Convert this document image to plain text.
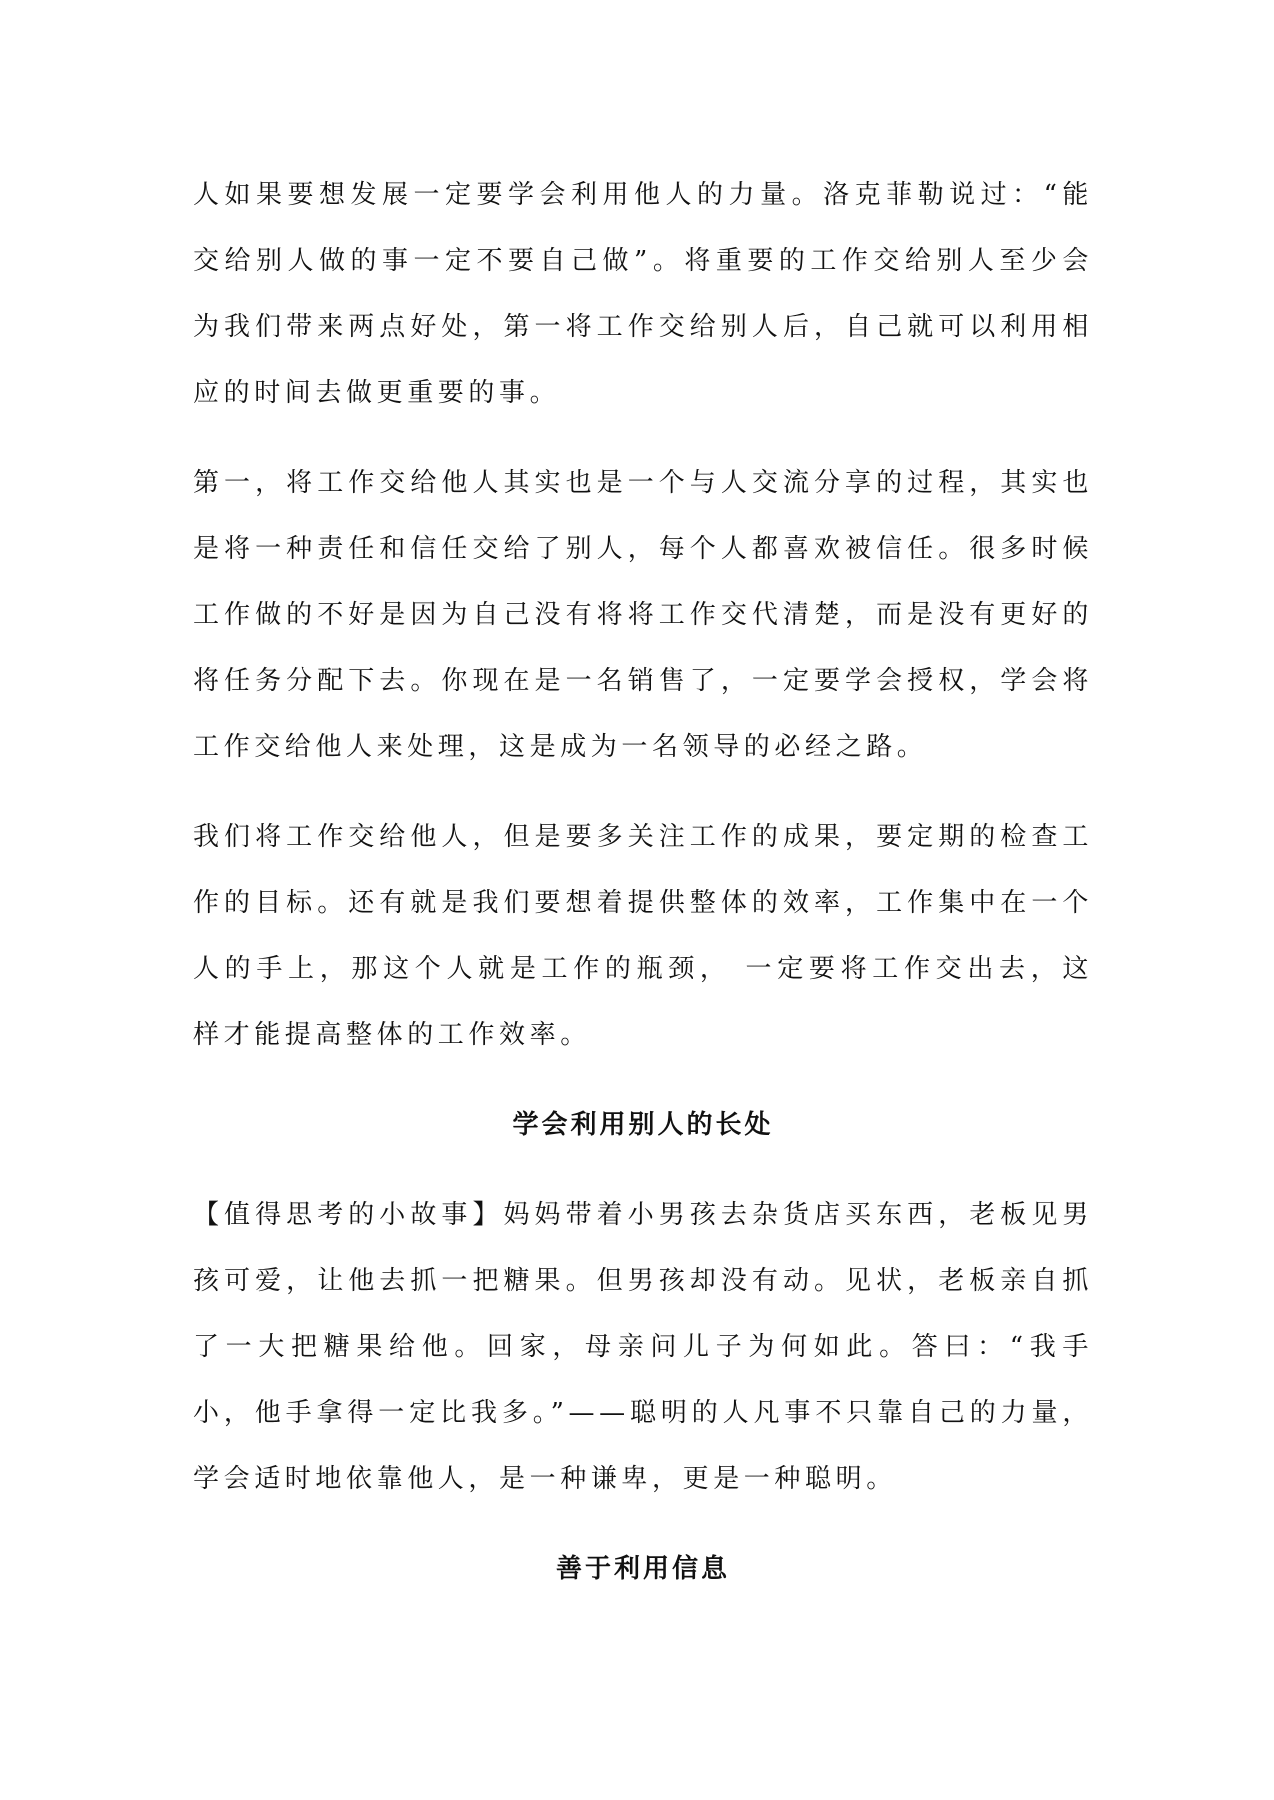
人如果要想发展一定要学会利用他人的力量。洛克菲勒说过：“能交给别人做的事一定不要自己做”。将重要的工作交给别人至少会为我们带来两点好处，第一将工作交给别人后，自己就可以利用相应的时间去做更重要的事。

第一，将工作交给他人其实也是一个与人交流分享的过程，其实也是将一种责任和信任交给了别人，每个人都喜欢被信任。很多时候工作做的不好是因为自己没有将将工作交代清楚，而是没有更好的将任务分配下去。你现在是一名销售了，一定要学会授权，学会将工作交给他人来处理，这是成为一名领导的必经之路。

我们将工作交给他人，但是要多关注工作的成果，要定期的检查工作的目标。还有就是我们要想着提供整体的效率，工作集中在一个人的手上，那这个人就是工作的瓶颈， 一定要将工作交出去，这样才能提高整体的工作效率。

学会利用别人的长处

【值得思考的小故事】妈妈带着小男孩去杂货店买东西，老板见男孩可爱，让他去抓一把糖果。但男孩却没有动。见状，老板亲自抓了一大把糖果给他。回家，母亲问儿子为何如此。答曰：“我手小，他手拿得一定比我多。”——聪明的人凡事不只靠自己的力量，学会适时地依靠他人，是一种谦卑，更是一种聪明。

善于利用信息
